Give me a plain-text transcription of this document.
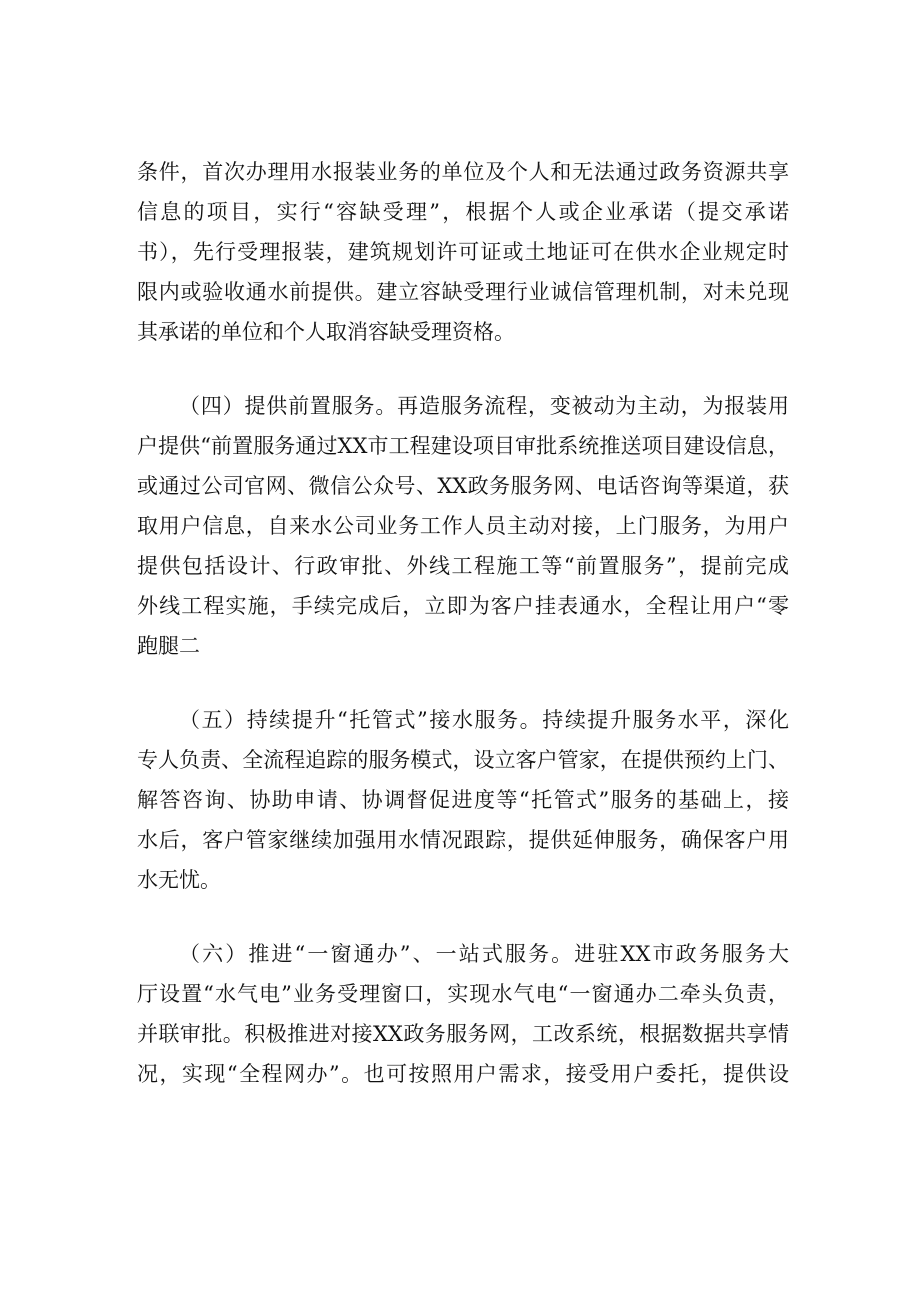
条件，首次办理用水报装业务的单位及个人和无法通过政务资源共享
信息的项目，实行“容缺受理”，根据个人或企业承诺（提交承诺
书），先行受理报装，建筑规划许可证或土地证可在供水企业规定时
限内或验收通水前提供。建立容缺受理行业诚信管理机制，对未兑现
其承诺的单位和个人取消容缺受理资格。
（四）提供前置服务。再造服务流程，变被动为主动，为报装用
户提供“前置服务通过XX市工程建设项目审批系统推送项目建设信息，
或通过公司官网、微信公众号、XX政务服务网、电话咨询等渠道，获
取用户信息，自来水公司业务工作人员主动对接，上门服务，为用户
提供包括设计、行政审批、外线工程施工等“前置服务”，提前完成
外线工程实施，手续完成后，立即为客户挂表通水，全程让用户“零
跑腿二
（五）持续提升“托管式”接水服务。持续提升服务水平，深化
专人负责、全流程追踪的服务模式，设立客户管家，在提供预约上门、
解答咨询、协助申请、协调督促进度等“托管式”服务的基础上，接
水后，客户管家继续加强用水情况跟踪，提供延伸服务，确保客户用
水无忧。
（六）推进“一窗通办”、一站式服务。进驻XX市政务服务大
厅设置“水气电”业务受理窗口，实现水气电“一窗通办二牵头负责，
并联审批。积极推进对接XX政务服务网，工改系统，根据数据共享情
况，实现“全程网办”。也可按照用户需求，接受用户委托，提供设
